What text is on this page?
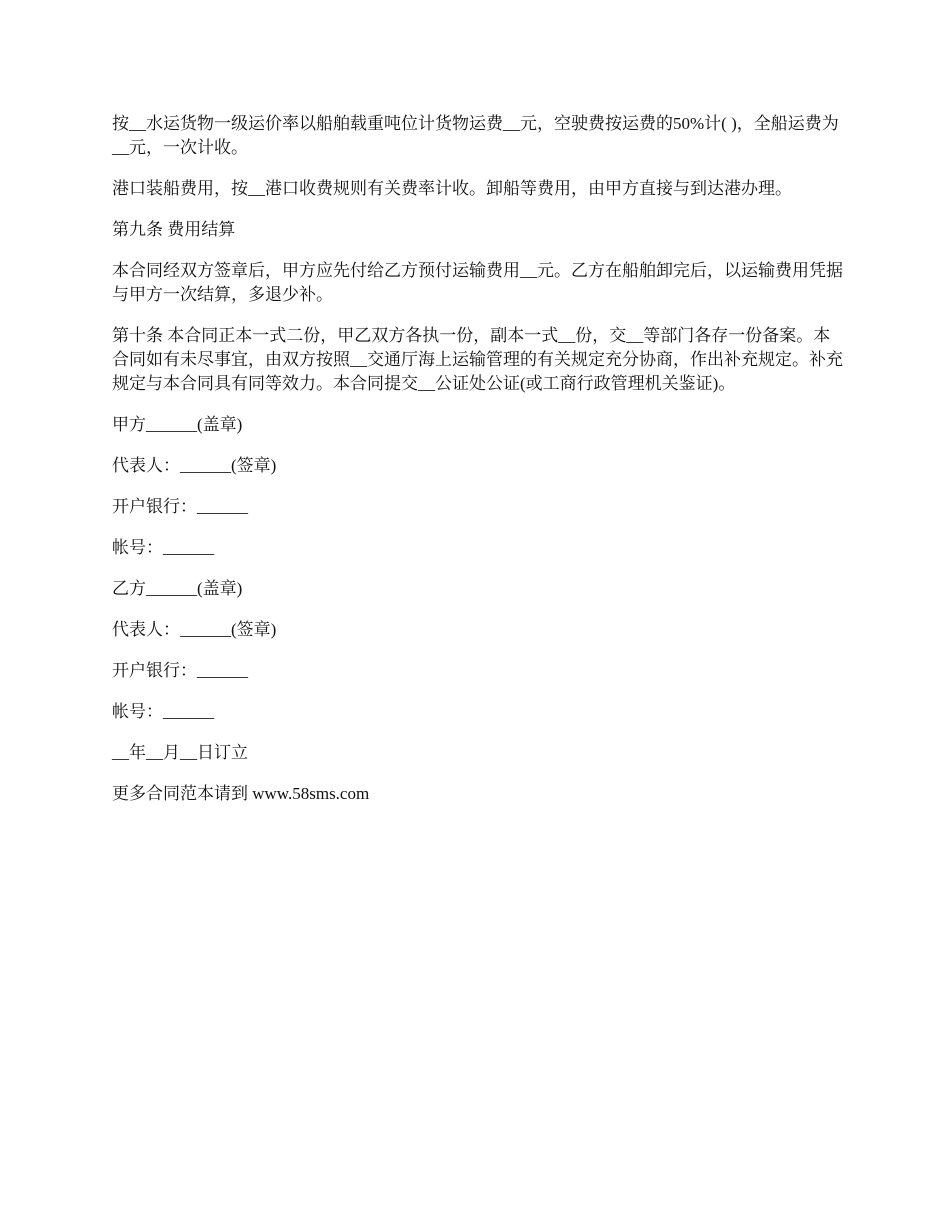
按__水运货物一级运价率以船舶载重吨位计货物运费__元，空驶费按运费的50%计( )，全船运费为__元，一次计收。

港口装船费用，按__港口收费规则有关费率计收。卸船等费用，由甲方直接与到达港办理。

第九条 费用结算

本合同经双方签章后，甲方应先付给乙方预付运输费用__元。乙方在船舶卸完后，以运输费用凭据与甲方一次结算，多退少补。

第十条 本合同正本一式二份，甲乙双方各执一份，副本一式__份，交__等部门各存一份备案。本合同如有未尽事宜，由双方按照__交通厅海上运输管理的有关规定充分协商，作出补充规定。补充规定与本合同具有同等效力。本合同提交__公证处公证(或工商行政管理机关鉴证)。

甲方______(盖章)
代表人：______(签章)
开户银行：______
帐号：______
乙方______(盖章)
代表人：______(签章)
开户银行：______
帐号：______
__年__月__日订立
更多合同范本请到 www.58sms.com
